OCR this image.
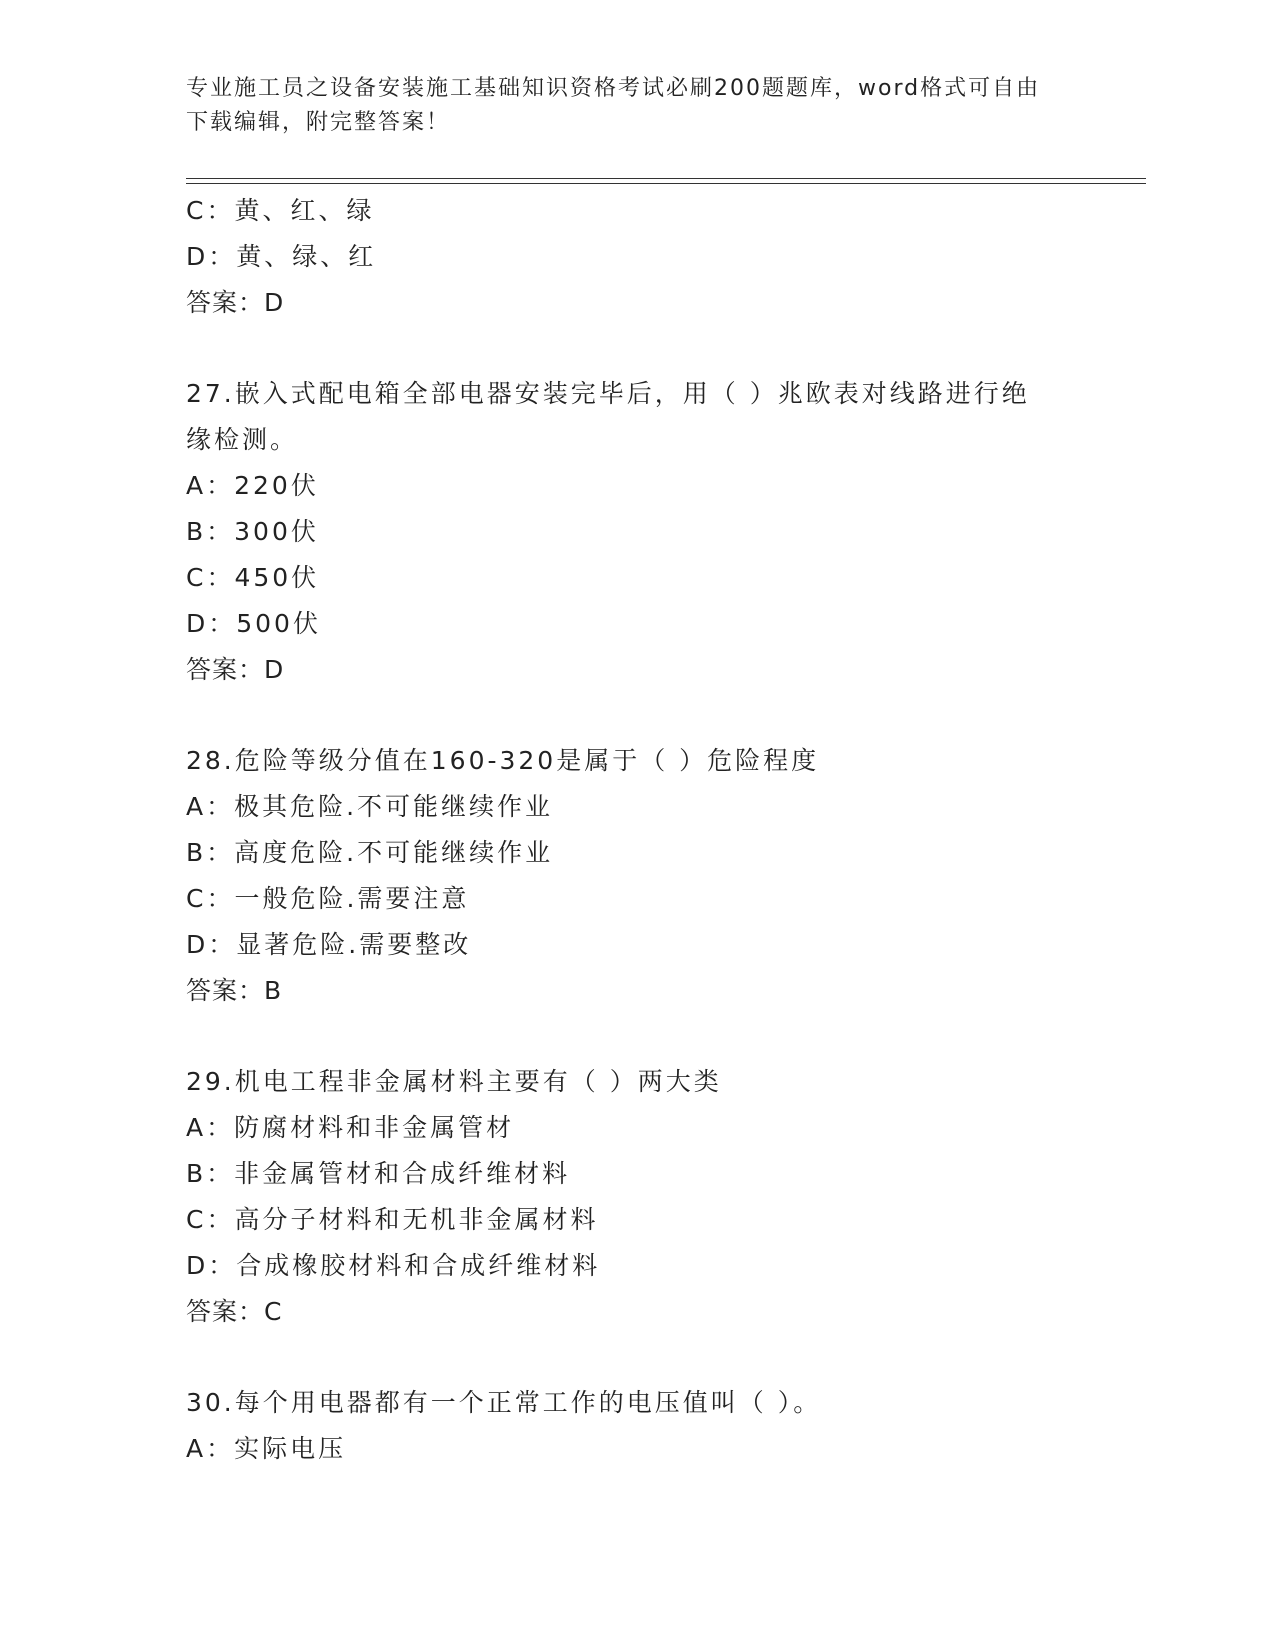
专业施工员之设备安装施工基础知识资格考试必刷200题题库，word格式可自由
下载编辑，附完整答案！
C：黄、红、绿
D：黄、绿、红
答案：D
27.嵌入式配电箱全部电器安装完毕后，用（ ）兆欧表对线路进行绝
缘检测。
A：220伏
B：300伏
C：450伏
D：500伏
答案：D
28.危险等级分值在160-320是属于（ ）危险程度
A：极其危险.不可能继续作业
B：高度危险.不可能继续作业
C：一般危险.需要注意
D：显著危险.需要整改
答案：B
29.机电工程非金属材料主要有（ ）两大类
A：防腐材料和非金属管材
B：非金属管材和合成纤维材料
C：高分子材料和无机非金属材料
D：合成橡胶材料和合成纤维材料
答案：C
30.每个用电器都有一个正常工作的电压值叫（ ）。
A：实际电压
